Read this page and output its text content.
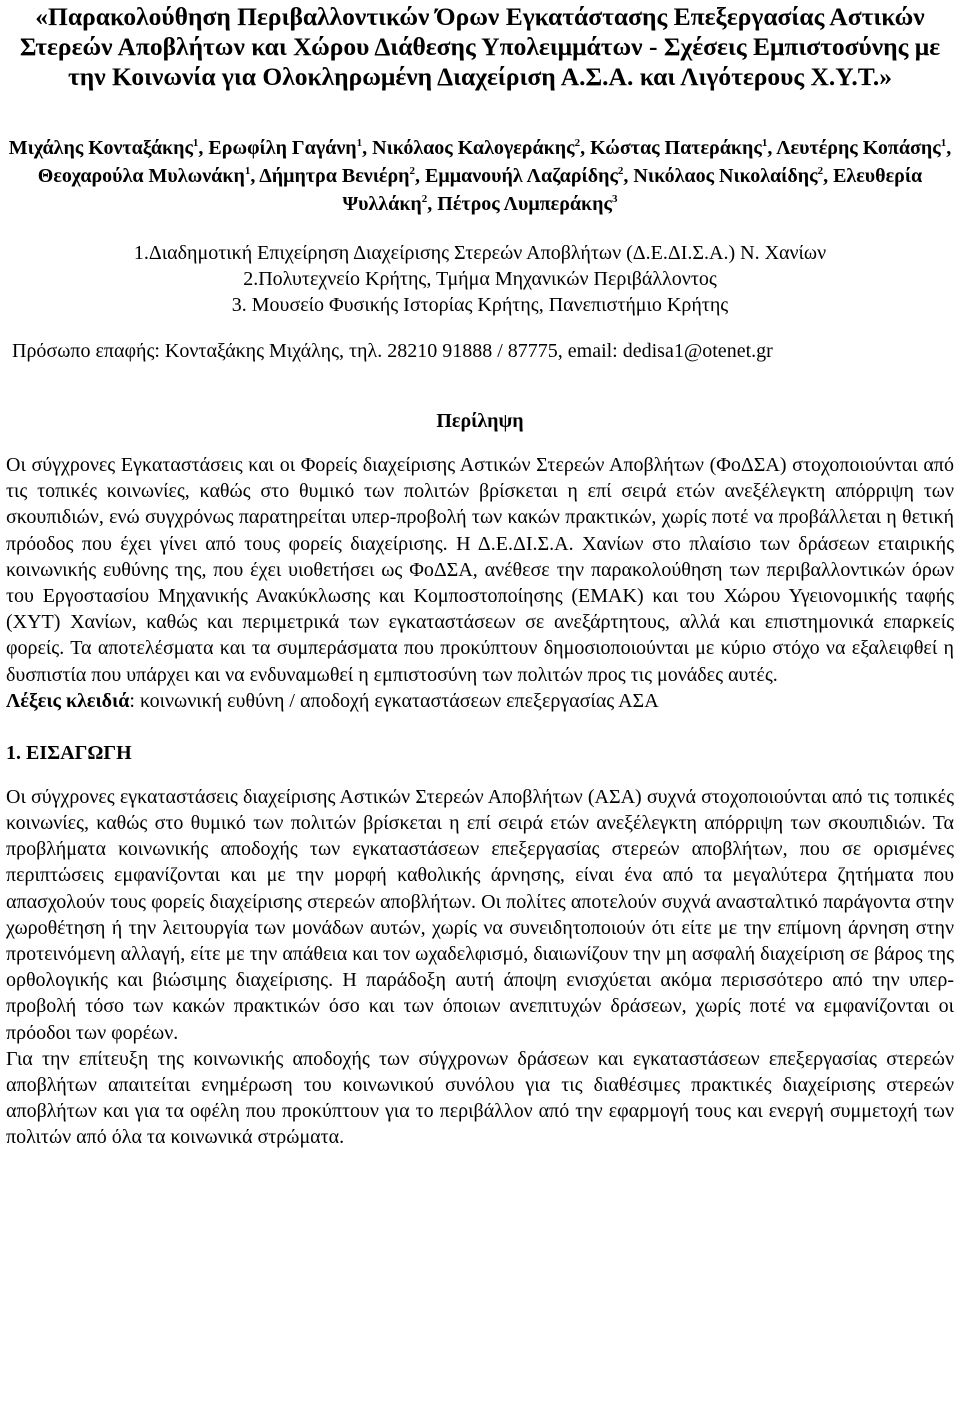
«Παρακολούθηση Περιβαλλοντικών Όρων Εγκατάστασης Επεξεργασίας Αστικών Στερεών Αποβλήτων και Χώρου Διάθεσης Υπολειμμάτων - Σχέσεις Εμπιστοσύνης με την Κοινωνία για Ολοκληρωμένη Διαχείριση Α.Σ.Α. και Λιγότερους Χ.Υ.Τ.»
Μιχάλης Κονταξάκης$^1$, Ερωφίλη Γαγάνη$^1$, Νικόλαος Καλογεράκης$^2$, Κώστας Πατεράκης$^1$, Λευτέρης Κοπάσης$^1$, Θεοχαρούλα Μυλωνάκη$^1$, Δήμητρα Βενιέρη$^2$, Εμμανουήλ Λαζαρίδης$^2$, Νικόλαος Νικολαίδης$^2$, Ελευθερία Ψυλλάκη$^2$, Πέτρος Λυμπεράκης$^3$
1.Διαδημοτική Επιχείρηση Διαχείρισης Στερεών Αποβλήτων (Δ.Ε.ΔΙ.Σ.Α.) Ν. Χανίων
2.Πολυτεχνείο Κρήτης, Τμήμα Μηχανικών Περιβάλλοντος
3. Μουσείο Φυσικής Ιστορίας Κρήτης, Πανεπιστήμιο Κρήτης
Πρόσωπο επαφής: Κονταξάκης Μιχάλης, τηλ. 28210 91888 / 87775, email: dedisa1@otenet.gr
Περίληψη

Οι σύγχρονες Εγκαταστάσεις και οι Φορείς διαχείρισης Αστικών Στερεών Αποβλήτων (ΦοΔΣΑ) στοχοποιούνται από τις τοπικές κοινωνίες, καθώς στο θυμικό των πολιτών βρίσκεται η επί σειρά ετών ανεξέλεγκτη απόρριψη των σκουπιδιών, ενώ συγχρόνως παρατηρείται υπερ-προβολή των κακών πρακτικών, χωρίς ποτέ να προβάλλεται η θετική πρόοδος που έχει γίνει από τους φορείς διαχείρισης. Η Δ.Ε.ΔΙ.Σ.Α. Χανίων στο πλαίσιο των δράσεων εταιρικής κοινωνικής ευθύνης της, που έχει υιοθετήσει ως ΦοΔΣΑ, ανέθεσε την παρακολούθηση των περιβαλλοντικών όρων του Εργοστασίου Μηχανικής Ανακύκλωσης και Κομποστοποίησης (ΕΜΑΚ) και του Χώρου Υγειονομικής ταφής (ΧΥΤ) Χανίων, καθώς και περιμετρικά των εγκαταστάσεων σε ανεξάρτητους, αλλά και επιστημονικά επαρκείς φορείς. Τα αποτελέσματα και τα συμπεράσματα που προκύπτουν δημοσιοποιούνται με κύριο στόχο να εξαλειφθεί η δυσπιστία που υπάρχει και να ενδυναμωθεί η εμπιστοσύνη των πολιτών προς τις μονάδες αυτές.

Λέξεις κλειδιά: κοινωνική ευθύνη / αποδοχή εγκαταστάσεων επεξεργασίας ΑΣΑ

1. ΕΙΣΑΓΩΓΗ

Οι σύγχρονες εγκαταστάσεις διαχείρισης Αστικών Στερεών Αποβλήτων (ΑΣΑ) συχνά στοχοποιούνται από τις τοπικές κοινωνίες, καθώς στο θυμικό των πολιτών βρίσκεται η επί σειρά ετών ανεξέλεγκτη απόρριψη των σκουπιδιών. Τα προβλήματα κοινωνικής αποδοχής των εγκαταστάσεων επεξεργασίας στερεών αποβλήτων, που σε ορισμένες περιπτώσεις εμφανίζονται και με την μορφή καθολικής άρνησης, είναι ένα από τα μεγαλύτερα ζητήματα που απασχολούν τους φορείς διαχείρισης στερεών αποβλήτων. Οι πολίτες αποτελούν συχνά ανασταλτικό παράγοντα στην χωροθέτηση ή την λειτουργία των μονάδων αυτών, χωρίς να συνειδητοποιούν ότι είτε με την επίμονη άρνηση στην προτεινόμενη αλλαγή, είτε με την απάθεια και τον ωχαδελφισμό, διαιωνίζουν την μη ασφαλή διαχείριση σε βάρος της ορθολογικής και βιώσιμης διαχείρισης. Η παράδοξη αυτή άποψη ενισχύεται ακόμα περισσότερο από την υπερ-προβολή τόσο των κακών πρακτικών όσο και των όποιων ανεπιτυχών δράσεων, χωρίς ποτέ να εμφανίζονται οι πρόοδοι των φορέων.

Για την επίτευξη της κοινωνικής αποδοχής των σύγχρονων δράσεων και εγκαταστάσεων επεξεργασίας στερεών αποβλήτων απαιτείται ενημέρωση του κοινωνικού συνόλου για τις διαθέσιμες πρακτικές διαχείρισης στερεών αποβλήτων και για τα οφέλη που προκύπτουν για το περιβάλλον από την εφαρμογή τους και ενεργή συμμετοχή των πολιτών από όλα τα κοινωνικά στρώματα.
